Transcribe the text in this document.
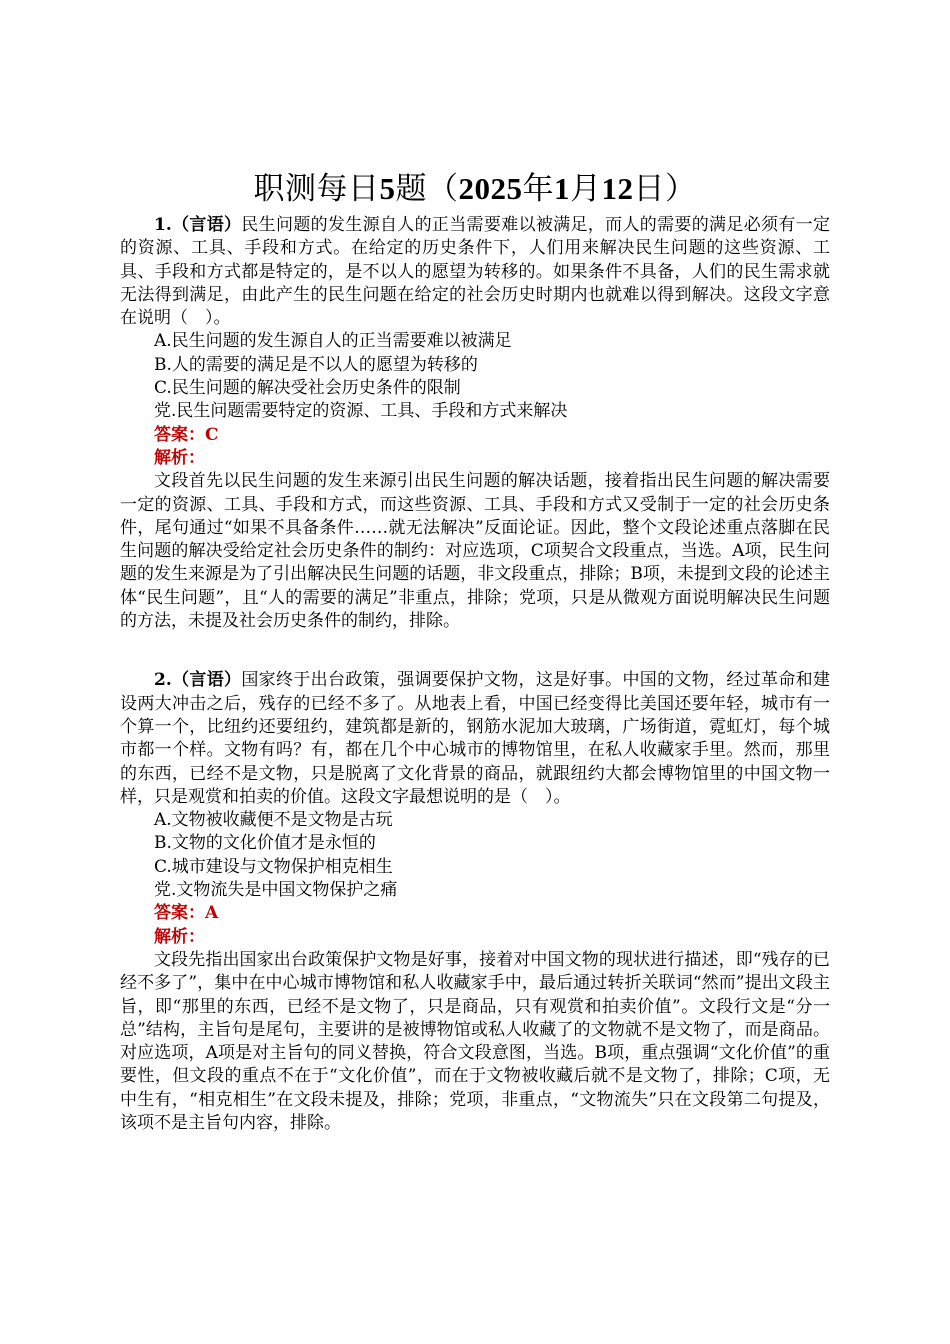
职测每日5题（2025年1月12日）

1.（言语）民生问题的发生源自人的正当需要难以被满足，而人的需要的满足必须有一定的资源、工具、手段和方式。在给定的历史条件下，人们用来解决民生问题的这些资源、工具、手段和方式都是特定的，是不以人的愿望为转移的。如果条件不具备，人们的民生需求就无法得到满足，由此产生的民生问题在给定的社会历史时期内也就难以得到解决。这段文字意在说明（　）。

A.民生问题的发生源自人的正当需要难以被满足

B.人的需要的满足是不以人的愿望为转移的

C.民生问题的解决受社会历史条件的限制

党.民生问题需要特定的资源、工具、手段和方式来解决

答案：C

解析：

文段首先以民生问题的发生来源引出民生问题的解决话题，接着指出民生问题的解决需要一定的资源、工具、手段和方式，而这些资源、工具、手段和方式又受制于一定的社会历史条件，尾句通过“如果不具备条件……就无法解决”反面论证。因此，整个文段论述重点落脚在民生问题的解决受给定社会历史条件的制约：对应选项，C项契合文段重点，当选。A项，民生问题的发生来源是为了引出解决民生问题的话题，非文段重点，排除；B项，未提到文段的论述主体“民生问题”，且“人的需要的满足”非重点，排除；党项，只是从微观方面说明解决民生问题的方法，未提及社会历史条件的制约，排除。

2.（言语）国家终于出台政策，强调要保护文物，这是好事。中国的文物，经过革命和建设两大冲击之后，残存的已经不多了。从地表上看，中国已经变得比美国还要年轻，城市有一个算一个，比纽约还要纽约，建筑都是新的，钢筋水泥加大玻璃，广场街道，霓虹灯，每个城市都一个样。文物有吗？有，都在几个中心城市的博物馆里，在私人收藏家手里。然而，那里的东西，已经不是文物，只是脱离了文化背景的商品，就跟纽约大都会博物馆里的中国文物一样，只是观赏和拍卖的价值。这段文字最想说明的是（　）。

A.文物被收藏便不是文物是古玩

B.文物的文化价值才是永恒的

C.城市建设与文物保护相克相生

党.文物流失是中国文物保护之痛

答案：A

解析：

文段先指出国家出台政策保护文物是好事，接着对中国文物的现状进行描述，即“残存的已经不多了”，集中在中心城市博物馆和私人收藏家手中，最后通过转折关联词“然而”提出文段主旨，即“那里的东西，已经不是文物了，只是商品，只有观赏和拍卖价值”。文段行文是“分一总”结构，主旨句是尾句，主要讲的是被博物馆或私人收藏了的文物就不是文物了，而是商品。对应选项，A项是对主旨句的同义替换，符合文段意图，当选。B项，重点强调“文化价值”的重要性，但文段的重点不在于“文化价值”，而在于文物被收藏后就不是文物了，排除；C项，无中生有，“相克相生”在文段未提及，排除；党项，非重点，“文物流失”只在文段第二句提及，该项不是主旨句内容，排除。
